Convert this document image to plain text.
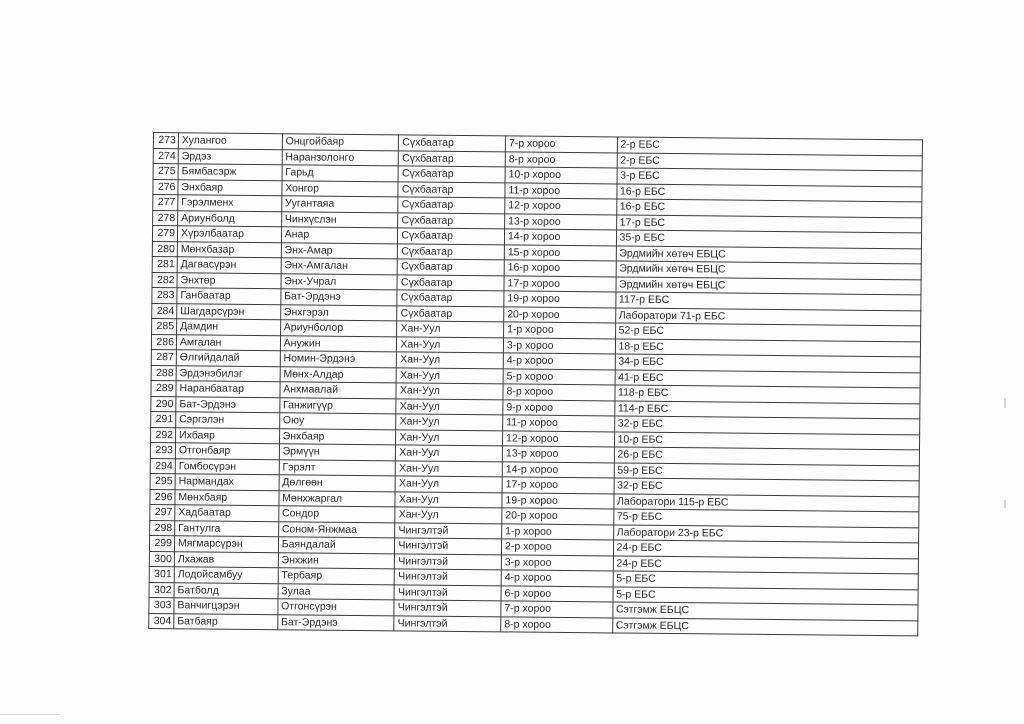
273	Хулангоо	Онцгойбаяр	Сүхбаатар	7-р хороо	2-р ЕБС
274	Эрдэз	Наранзолонгo	Сүхбаатар	8-р хороо	2-р ЕБС
275	Бямбасэрж	Гарьд	Сүхбаатар	10-р хороо	3-р ЕБС
276	Энхбаяр	Хонгор	Сүхбаатар	11-р хороо	16-р ЕБС
277	Гэрэлменх	Уугантаяа	Сүхбаатар	12-р хороо	16-р ЕБС
278	Ариунболд	Чинхүслэн	Сүхбаатар	13-р хороо	17-р ЕБС
279	Хүрэлбаатар	Анар	Сүхбаатар	14-р хороо	35-р ЕБС
280	Мөнхбазар	Энх-Амар	Сүхбаатар	15-р хороо	Эрдмийн хөтөч ЕБЦС
281	Дагвасүрэн	Энх-Амгалан	Сүхбаатар	16-р хороо	Эрдмийн хөтөч ЕБЦС
282	Энхтөр	Энх-Учрал	Сүхбаатар	17-р хороо	Эрдмийн хөтөч ЕБЦС
283	Ганбаатар	Бат-Эрдэнэ	Сүхбаатар	19-р хороо	117-р ЕБС
284	Шагдарсүрэн	Энхгэрэл	Сүхбаатар	20-р хороо	Лаборатори 71-р ЕБС
285	Дамдин	Ариунболор	Хан-Уул	1-р хороо	52-р ЕБС
286	Амгалан	Анужин	Хан-Уул	3-р хороо	18-р ЕБС
287	Өлгийдалай	Номин-Эрдэнэ	Хан-Уул	4-р хороо	34-р ЕБС
288	Эрдэнэбилэг	Мөнх-Алдар	Хан-Уул	5-р хороо	41-р ЕБС
289	Наранбаатар	Анхмаалай	Хан-Уул	8-р хороо	118-р ЕБС
290	Бат-Эрдэнэ	Ганжигүүр	Хан-Уул	9-р хороо	114-р ЕБС
291	Сэргэлэн	Оюу	Хан-Уул	11-р хороо	32-р ЕБС
292	Ихбаяр	Энхбаяр	Хан-Уул	12-р хороо	10-р ЕБС
293	Отгонбаяр	Эрмүүн	Хан-Уул	13-р хороо	26-р ЕБС
294	Гомбосүрэн	Гэрэлт	Хан-Уул	14-р хороо	59-р ЕБС
295	Нармандах	Дөлгөөн	Хан-Уул	17-р хороо	32-р ЕБС
296	Мөнхбаяр	Мөнхжаргал	Хан-Уул	19-р хороо	Лаборатори 115-р ЕБС
297	Хадбаатар	Сондор	Хан-Уул	20-р хороо	75-р ЕБС
298	Гантулга	Соном-Янжмаа	Чингэлтэй	1-р хороо	Лаборатори 23-р ЕБС
299	Мягмарсүрэн	Баяндалай	Чингэлтэй	2-р хороо	24-р ЕБС
300	Лхажав	Энхжин	Чингэлтэй	3-р хороо	24-р ЕБС
301	Лодойсамбуу	Тербаяр	Чингэлтэй	4-р хороо	5-р ЕБС
302	Батболд	Зулаа	Чингэлтэй	6-р хороо	5-р ЕБС
303	Ванчигцэрэн	Отгонсүрэн	Чингэлтэй	7-р хороо	Сэтгэмж ЕБЦС
304	Батбаяр	Бат-Эрдэнэ	Чингэлтэй	8-р хороо	Сэтгэмж ЕБЦС
